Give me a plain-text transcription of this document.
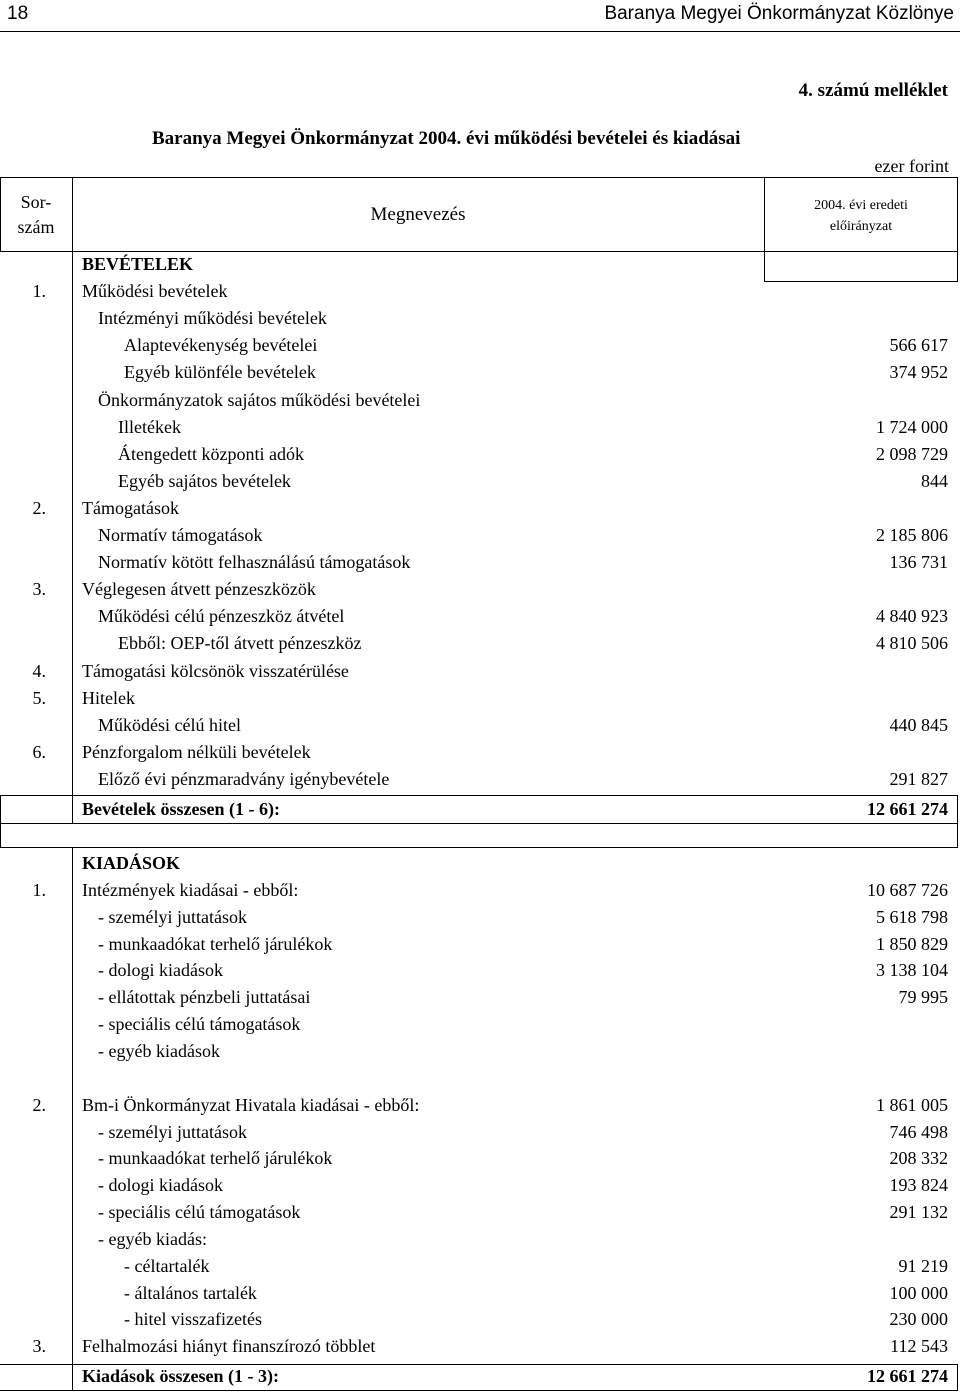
18	Baranya Megyei Önkormányzat Közlönye
4. számú melléklet
Baranya Megyei Önkormányzat 2004. évi működési bevételei és kiadásai
ezer forint
Sor-
szám
Megnevezés	2004. évi eredeti
előirányzat
BEVÉTELEK
1. Működési bevételek
Intézményi működési bevételek
Alaptevékenység bevételei	566 617
Egyéb különféle bevételek	374 952
Önkormányzatok sajátos működési bevételei
Illetékek	1 724 000
Átengedett központi adók	2 098 729
Egyéb sajátos bevételek	844
2. Támogatások
Normatív támogatások	2 185 806
Normatív kötött felhasználású támogatások	136 731
3. Véglegesen átvett pénzeszközök
Működési célú pénzeszköz átvétel	4 840 923
Ebből: OEP-től átvett pénzeszköz	4 810 506
4. Támogatási kölcsönök visszatérülése
5. Hitelek
Működési célú hitel	440 845
6. Pénzforgalom nélküli bevételek
Előző évi pénzmaradvány igénybevétele	291 827
Bevételek összesen (1 - 6):	12 661 274
KIADÁSOK
1. Intézmények kiadásai - ebből:	10 687 726
- személyi juttatások	5 618 798
- munkaadókat terhelő járulékok	1 850 829
- dologi kiadások	3 138 104
- ellátottak pénzbeli juttatásai	79 995
- speciális célú támogatások
- egyéb kiadások
2. Bm-i Önkormányzat Hivatala kiadásai - ebből:	1 861 005
- személyi juttatások	746 498
- munkaadókat terhelő járulékok	208 332
- dologi kiadások	193 824
- speciális célú támogatások	291 132
- egyéb kiadás:
- céltartalék	91 219
- általános tartalék	100 000
- hitel visszafizetés	230 000
3. Felhalmozási hiányt finanszírozó többlet	112 543
Kiadások összesen (1 - 3):	12 661 274
